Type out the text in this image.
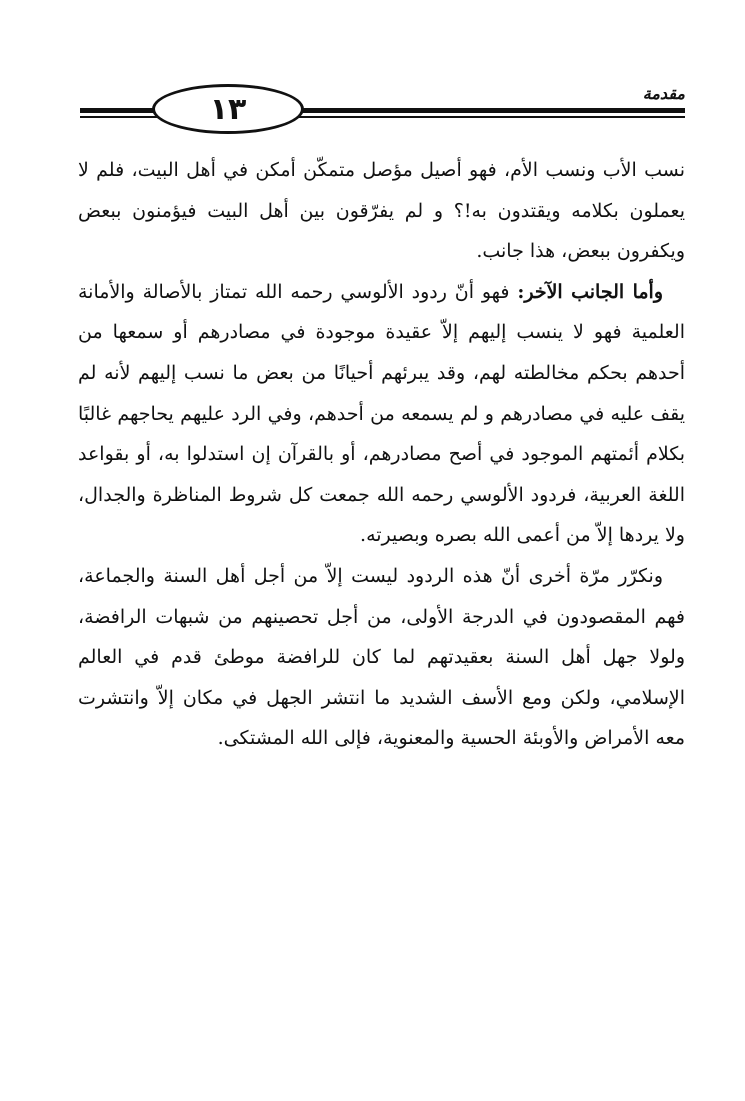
١٣	مقدمة

نسب الأب ونسب الأم، فهو أصيل مؤصل متمكّن أمكن في أهل البيت، فلم لا يعملون بكلامه ويقتدون به!؟ و لم يفرّقون بين أهل البيت فيؤمنون ببعض ويكفرون ببعض، هذا جانب.

وأما الجانب الآخر: فهو أنّ ردود الألوسي رحمه الله تمتاز بالأصالة والأمانة العلمية فهو لا ينسب إليهم إلاّ عقيدة موجودة في مصادرهم أو سمعها من أحدهم بحكم مخالطته لهم، وقد يبرئهم أحيانًا من بعض ما نسب إليهم لأنه لم يقف عليه في مصادرهم و لم يسمعه من أحدهم، وفي الرد عليهم يحاجهم غالبًا بكلام أئمتهم الموجود في أصح مصادرهم، أو بالقرآن إن استدلوا به، أو بقواعد اللغة العربية، فردود الألوسي رحمه الله جمعت كل شروط المناظرة والجدال، ولا يردها إلاّ من أعمى الله بصره وبصيرته.

ونكرّر مرّة أخرى أنّ هذه الردود ليست إلاّ من أجل أهل السنة والجماعة، فهم المقصودون في الدرجة الأولى، من أجل تحصينهم من شبهات الرافضة، ولولا جهل أهل السنة بعقيدتهم لما كان للرافضة موطئ قدم في العالم الإسلامي، ولكن ومع الأسف الشديد ما انتشر الجهل في مكان إلاّ وانتشرت معه الأمراض والأوبئة الحسية والمعنوية، فإلى الله المشتكى.
